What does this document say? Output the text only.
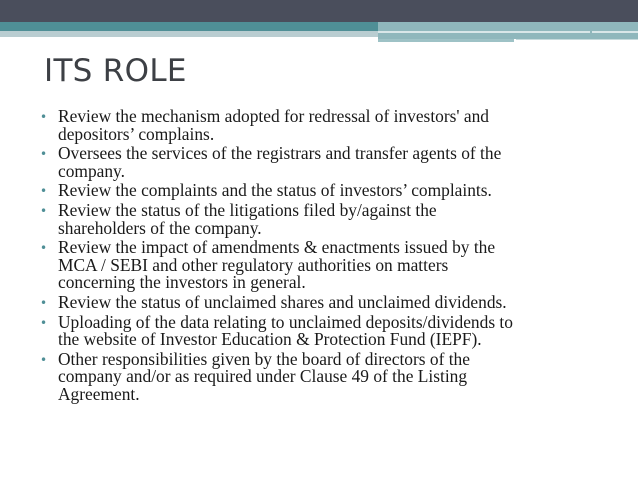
ITS ROLE
• Review the mechanism adopted for redressal of investors' and
depositors’ complains.
• Oversees the services of the registrars and transfer agents of the
company.
• Review the complaints and the status of investors’ complaints.
• Review the status of the litigations filed by/against the
shareholders of the company.
• Review the impact of amendments & enactments issued by the
MCA / SEBI and other regulatory authorities on matters
concerning the investors in general.
• Review the status of unclaimed shares and unclaimed dividends.
• Uploading of the data relating to unclaimed deposits/dividends to
the website of Investor Education & Protection Fund (IEPF).
• Other responsibilities given by the board of directors of the
company and/or as required under Clause 49 of the Listing
Agreement.
